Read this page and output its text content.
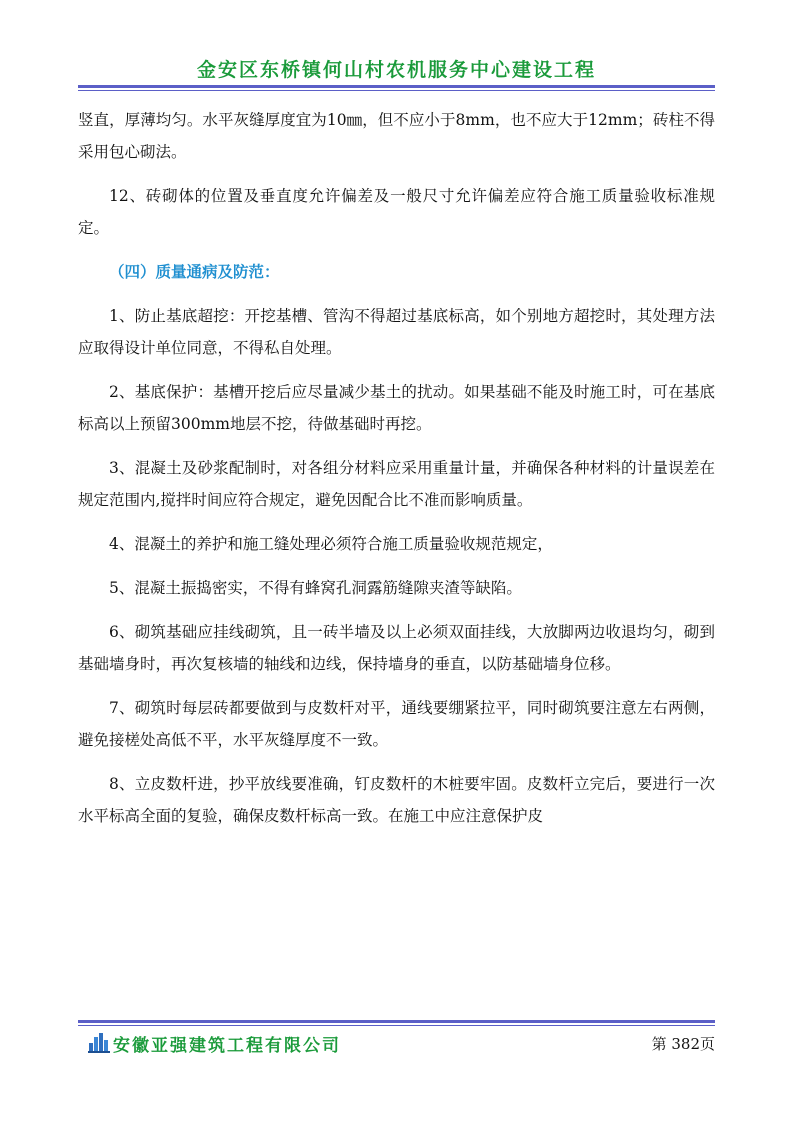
金安区东桥镇何山村农机服务中心建设工程

竖直，厚薄均匀。水平灰缝厚度宜为10㎜，但不应小于8mm，也不应大于12mm；砖柱不得采用包心砌法。

12、砖砌体的位置及垂直度允许偏差及一般尺寸允许偏差应符合施工质量验收标准规定。

（四）质量通病及防范：

1、防止基底超挖：开挖基槽、管沟不得超过基底标高，如个别地方超挖时，其处理方法应取得设计单位同意，不得私自处理。

2、基底保护：基槽开挖后应尽量减少基土的扰动。如果基础不能及时施工时，可在基底标高以上预留300mm地层不挖，待做基础时再挖。

3、混凝土及砂浆配制时，对各组分材料应采用重量计量，并确保各种材料的计量误差在规定范围内,搅拌时间应符合规定，避免因配合比不准而影响质量。

4、混凝土的养护和施工缝处理必须符合施工质量验收规范规定，

5、混凝土振捣密实，不得有蜂窝孔洞露筋缝隙夹渣等缺陷。

6、砌筑基础应挂线砌筑，且一砖半墙及以上必须双面挂线，大放脚两边收退均匀，砌到基础墙身时，再次复核墙的轴线和边线，保持墙身的垂直，以防基础墙身位移。

7、砌筑时每层砖都要做到与皮数杆对平，通线要绷紧拉平，同时砌筑要注意左右两侧，避免接槎处高低不平，水平灰缝厚度不一致。

8、立皮数杆进，抄平放线要准确，钉皮数杆的木桩要牢固。皮数杆立完后，要进行一次水平标高全面的复验，确保皮数杆标高一致。在施工中应注意保护皮

安徽亚强建筑工程有限公司	第 382页
